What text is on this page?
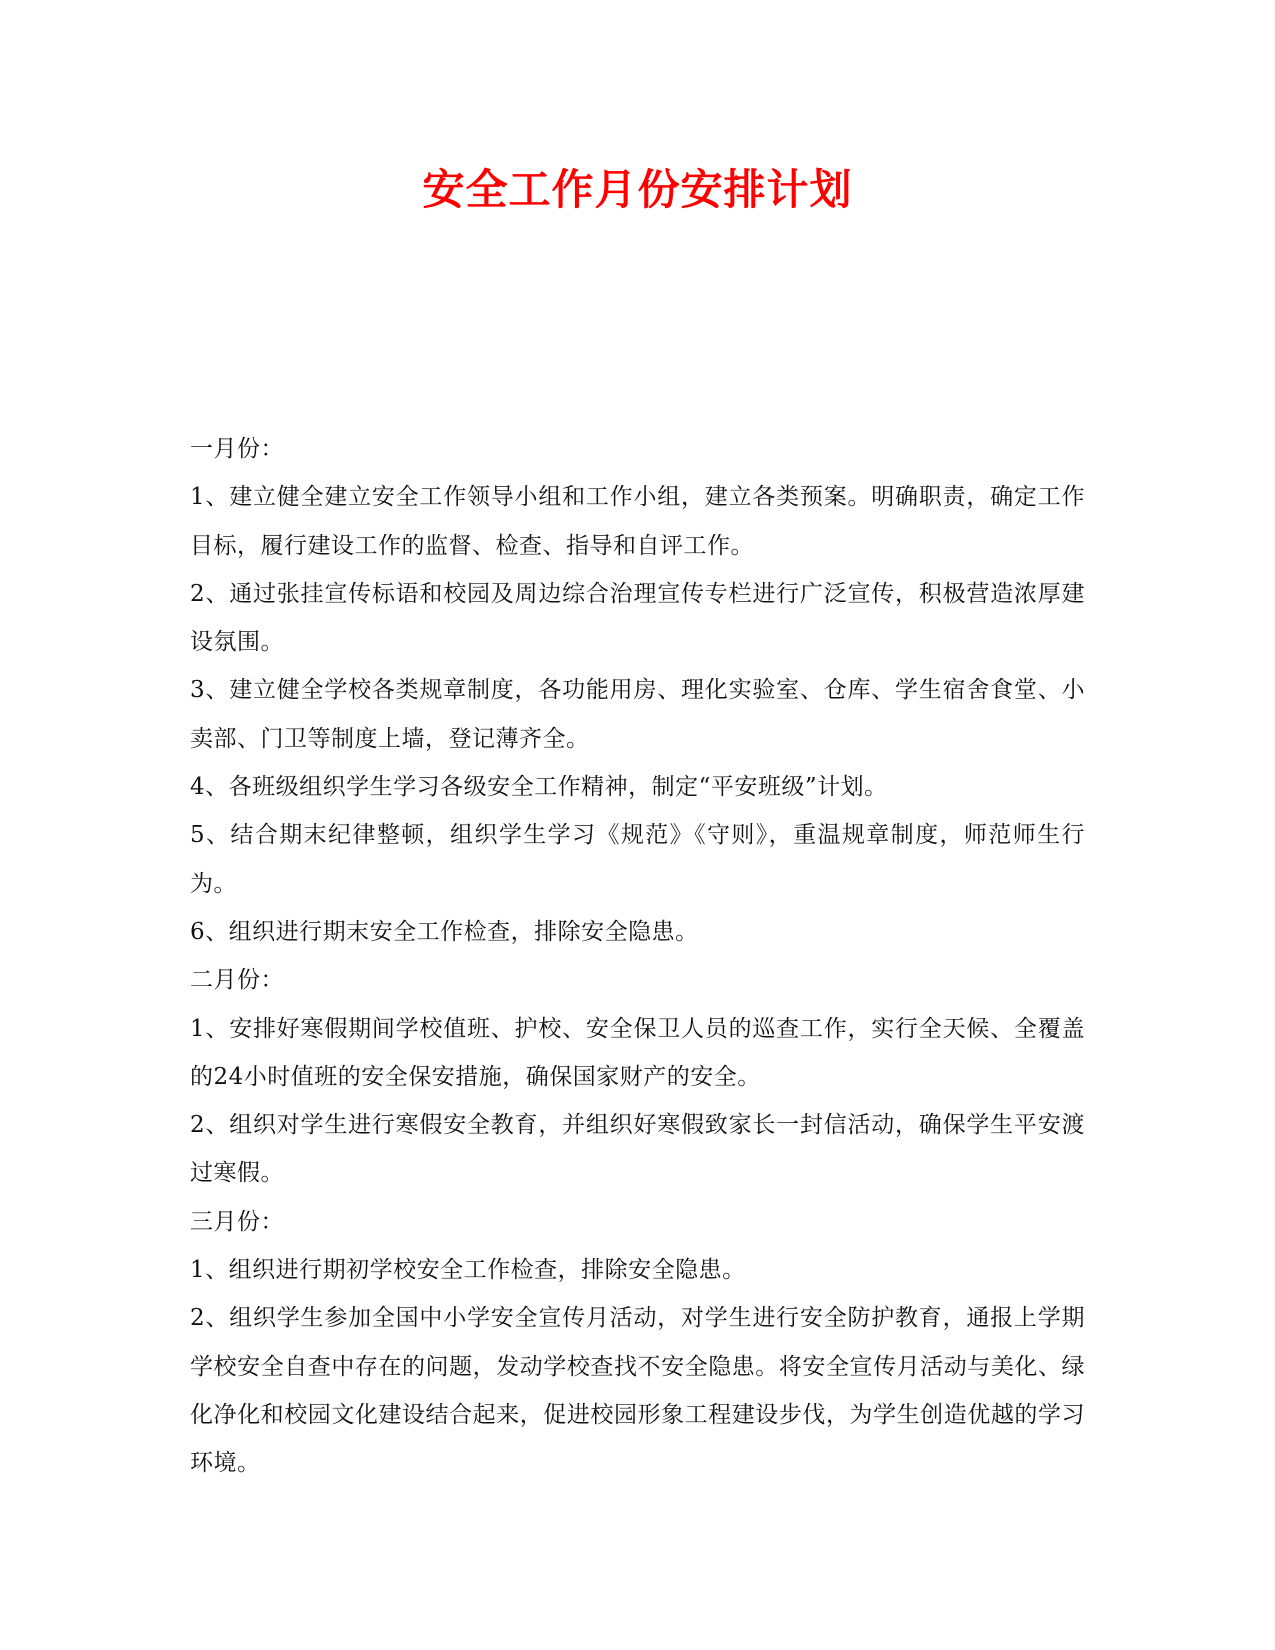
安全工作月份安排计划

一月份：

1、建立健全建立安全工作领导小组和工作小组，建立各类预案。明确职责，确定工作目标，履行建设工作的监督、检查、指导和自评工作。

2、通过张挂宣传标语和校园及周边综合治理宣传专栏进行广泛宣传，积极营造浓厚建设氛围。

3、建立健全学校各类规章制度，各功能用房、理化实验室、仓库、学生宿舍食堂、小卖部、门卫等制度上墙，登记薄齐全。

4、各班级组织学生学习各级安全工作精神，制定“平安班级”计划。

5、结合期末纪律整顿，组织学生学习《规范》《守则》，重温规章制度，师范师生行为。

6、组织进行期末安全工作检查，排除安全隐患。

二月份：

1、安排好寒假期间学校值班、护校、安全保卫人员的巡查工作，实行全天候、全覆盖的24小时值班的安全保安措施，确保国家财产的安全。

2、组织对学生进行寒假安全教育，并组织好寒假致家长一封信活动，确保学生平安渡过寒假。

三月份：

1、组织进行期初学校安全工作检查，排除安全隐患。

2、组织学生参加全国中小学安全宣传月活动，对学生进行安全防护教育，通报上学期学校安全自查中存在的问题，发动学校查找不安全隐患。将安全宣传月活动与美化、绿化净化和校园文化建设结合起来，促进校园形象工程建设步伐，为学生创造优越的学习环境。
